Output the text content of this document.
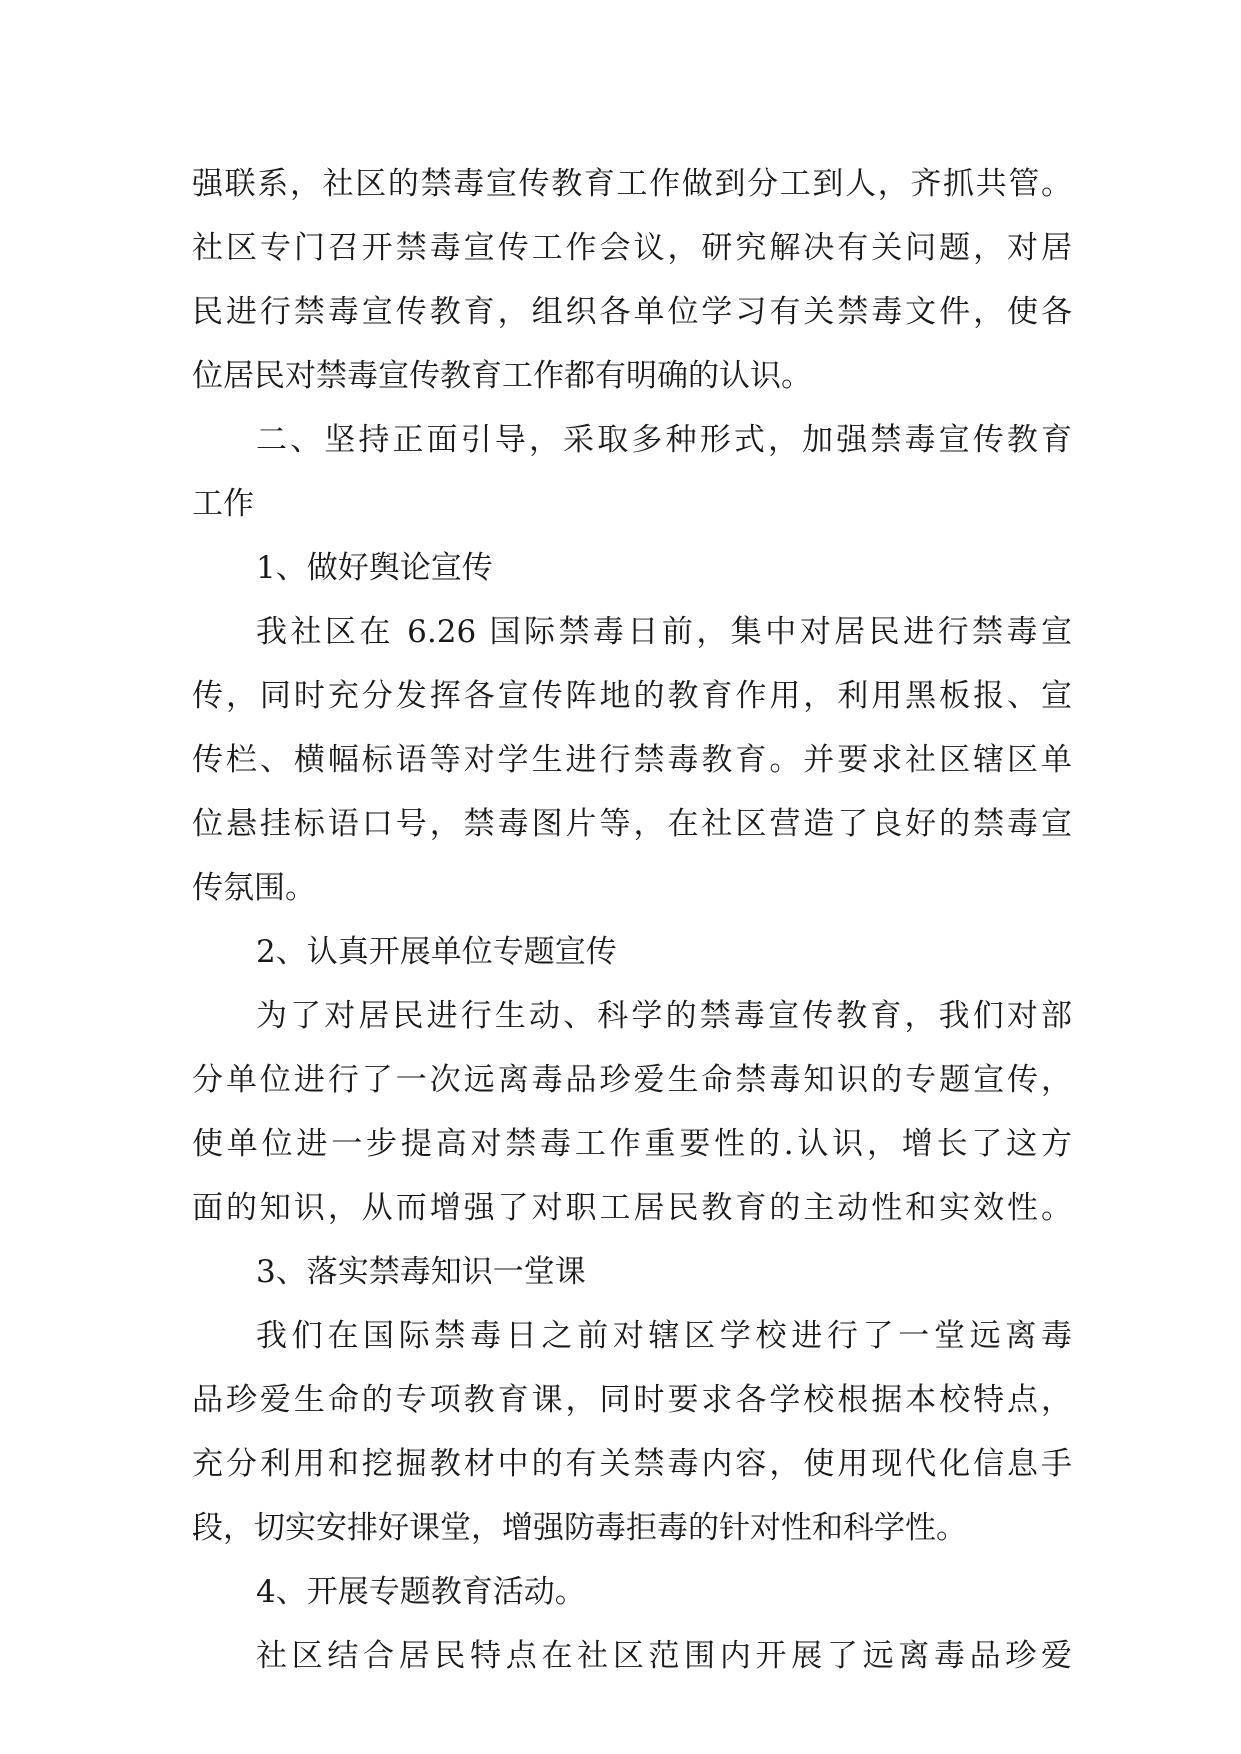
强联系，社区的禁毒宣传教育工作做到分工到人，齐抓共管。
社区专门召开禁毒宣传工作会议，研究解决有关问题，对居
民进行禁毒宣传教育，组织各单位学习有关禁毒文件，使各
位居民对禁毒宣传教育工作都有明确的认识。
二、坚持正面引导，采取多种形式，加强禁毒宣传教育
工作
1、做好舆论宣传
我社区在 6.26 国际禁毒日前，集中对居民进行禁毒宣
传，同时充分发挥各宣传阵地的教育作用，利用黑板报、宣
传栏、横幅标语等对学生进行禁毒教育。并要求社区辖区单
位悬挂标语口号，禁毒图片等，在社区营造了良好的禁毒宣
传氛围。
2、认真开展单位专题宣传
为了对居民进行生动、科学的禁毒宣传教育，我们对部
分单位进行了一次远离毒品珍爱生命禁毒知识的专题宣传，
使单位进一步提高对禁毒工作重要性的.认识，增长了这方
面的知识，从而增强了对职工居民教育的主动性和实效性。
3、落实禁毒知识一堂课
我们在国际禁毒日之前对辖区学校进行了一堂远离毒
品珍爱生命的专项教育课，同时要求各学校根据本校特点，
充分利用和挖掘教材中的有关禁毒内容，使用现代化信息手
段，切实安排好课堂，增强防毒拒毒的针对性和科学性。
4、开展专题教育活动。
社区结合居民特点在社区范围内开展了远离毒品珍爱
